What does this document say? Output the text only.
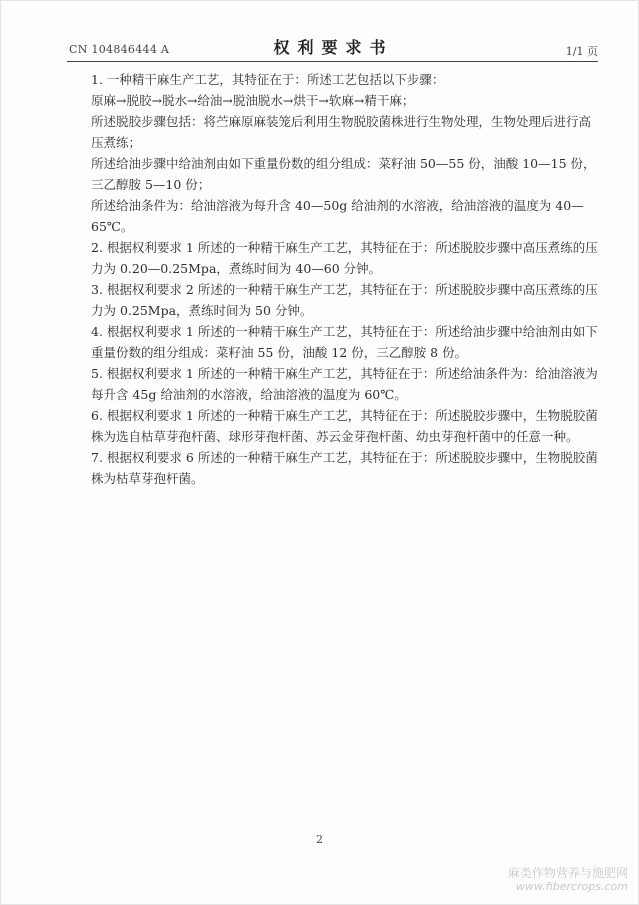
CN 104846444 A	权利要求书	1/1 页

1. 一种精干麻生产工艺，其特征在于：所述工艺包括以下步骤：

原麻→脱胶→脱水→给油→脱油脱水→烘干→软麻→精干麻；

所述脱胶步骤包括：将苎麻原麻装笼后利用生物脱胶菌株进行生物处理，生物处理后进行高压煮练；

所述给油步骤中给油剂由如下重量份数的组分组成：菜籽油 50—55 份，油酸 10—15 份，三乙醇胺 5—10 份；

所述给油条件为：给油溶液为每升含 40—50g 给油剂的水溶液，给油溶液的温度为 40—65℃。

2. 根据权利要求 1 所述的一种精干麻生产工艺，其特征在于：所述脱胶步骤中高压煮练的压力为 0.20—0.25Mpa，煮练时间为 40—60 分钟。

3. 根据权利要求 2 所述的一种精干麻生产工艺，其特征在于：所述脱胶步骤中高压煮练的压力为 0.25Mpa，煮练时间为 50 分钟。

4. 根据权利要求 1 所述的一种精干麻生产工艺，其特征在于：所述给油步骤中给油剂由如下重量份数的组分组成：菜籽油 55 份，油酸 12 份，三乙醇胺 8 份。

5. 根据权利要求 1 所述的一种精干麻生产工艺，其特征在于：所述给油条件为：给油溶液为每升含 45g 给油剂的水溶液，给油溶液的温度为 60℃。

6. 根据权利要求 1 所述的一种精干麻生产工艺，其特征在于：所述脱胶步骤中，生物脱胶菌株为选自枯草芽孢杆菌、球形芽孢杆菌、苏云金芽孢杆菌、幼虫芽孢杆菌中的任意一种。

7. 根据权利要求 6 所述的一种精干麻生产工艺，其特征在于：所述脱胶步骤中，生物脱胶菌株为枯草芽孢杆菌。

2
麻类作物营养与施肥网
www.fibercrops.com
